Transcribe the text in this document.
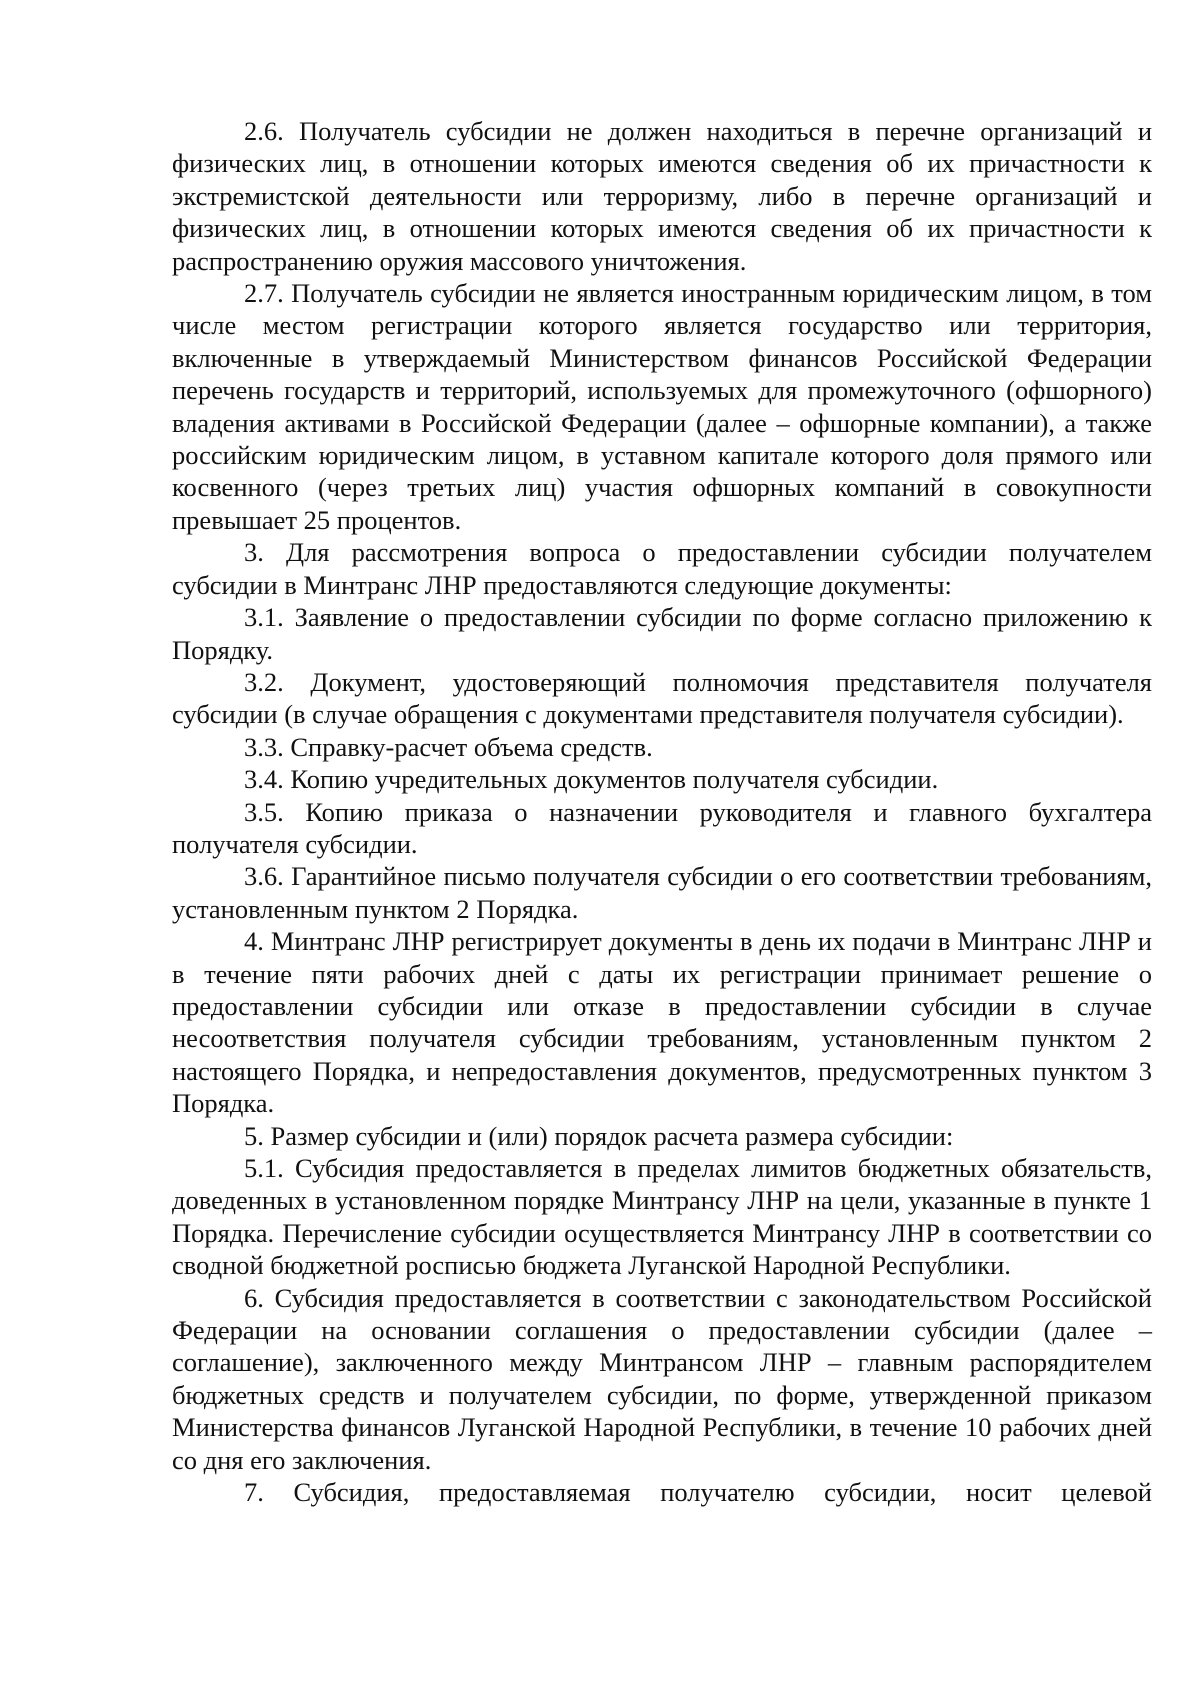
2.6. Получатель субсидии не должен находиться в перечне организаций и физических лиц, в отношении которых имеются сведения об их причастности к экстремистской деятельности или терроризму, либо в перечне организаций и физических лиц, в отношении которых имеются сведения об их причастности к распространению оружия массового уничтожения.

2.7. Получатель субсидии не является иностранным юридическим лицом, в том числе местом регистрации которого является государство или территория, включенные в утверждаемый Министерством финансов Российской Федерации перечень государств и территорий, используемых для промежуточного (офшорного) владения активами в Российской Федерации (далее – офшорные компании), а также российским юридическим лицом, в уставном капитале которого доля прямого или косвенного (через третьих лиц) участия офшорных компаний в совокупности превышает 25 процентов.

3. Для рассмотрения вопроса о предоставлении субсидии получателем субсидии в Минтранс ЛНР предоставляются следующие документы:

3.1. Заявление о предоставлении субсидии по форме согласно приложению к Порядку.

3.2. Документ, удостоверяющий полномочия представителя получателя субсидии (в случае обращения с документами представителя получателя субсидии).

3.3. Справку-расчет объема средств.

3.4. Копию учредительных документов получателя субсидии.

3.5. Копию приказа о назначении руководителя и главного бухгалтера получателя субсидии.

3.6. Гарантийное письмо получателя субсидии о его соответствии требованиям, установленным пунктом 2 Порядка.

4. Минтранс ЛНР регистрирует документы в день их подачи в Минтранс ЛНР и в течение пяти рабочих дней с даты их регистрации принимает решение о предоставлении субсидии или отказе в предоставлении субсидии в случае несоответствия получателя субсидии требованиям, установленным пунктом 2 настоящего Порядка, и непредоставления документов, предусмотренных пунктом 3 Порядка.

5. Размер субсидии и (или) порядок расчета размера субсидии:

5.1. Субсидия предоставляется в пределах лимитов бюджетных обязательств, доведенных в установленном порядке Минтрансу ЛНР на цели, указанные в пункте 1 Порядка. Перечисление субсидии осуществляется Минтрансу ЛНР в соответствии со сводной бюджетной росписью бюджета Луганской Народной Республики.

6. Субсидия предоставляется в соответствии с законодательством Российской Федерации на основании соглашения о предоставлении субсидии (далее – соглашение), заключенного между Минтрансом ЛНР – главным распорядителем бюджетных средств и получателем субсидии, по форме, утвержденной приказом Министерства финансов Луганской Народной Республики, в течение 10 рабочих дней со дня его заключения.

7. Субсидия, предоставляемая получателю субсидии, носит целевой
